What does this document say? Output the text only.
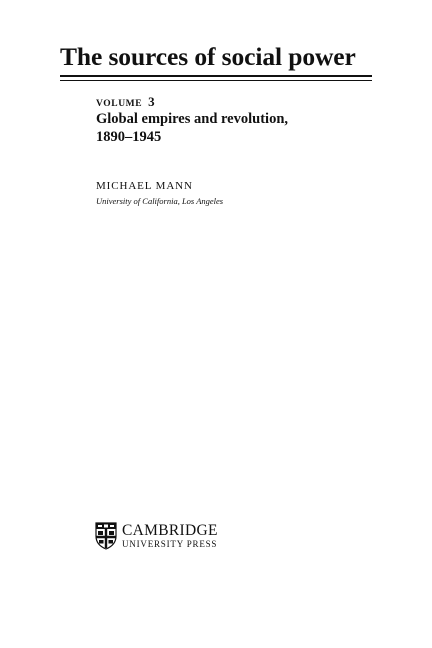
The sources of social power
VOLUME 3
Global empires and revolution,
1890–1945
MICHAEL MANN
University of California, Los Angeles
CAMBRIDGE
UNIVERSITY PRESS
